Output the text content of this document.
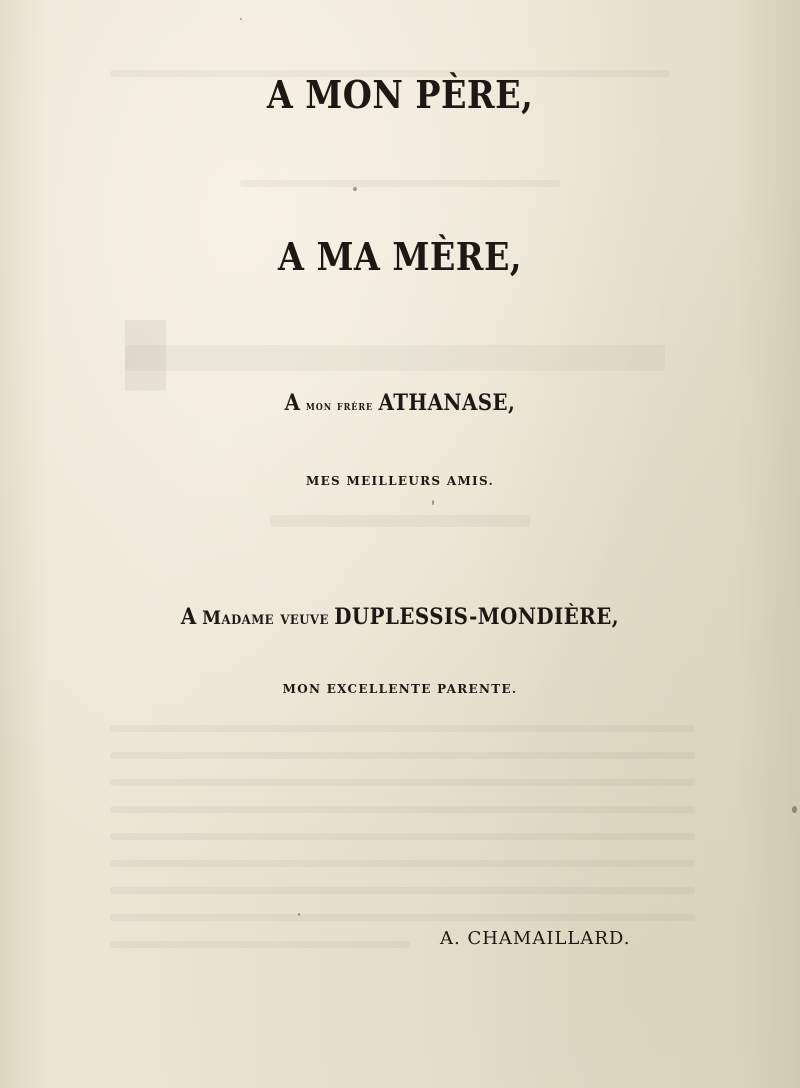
█
A MON PÈRE,
A MA MÈRE,
A mon frère ATHANASE,
MES MEILLEURS AMIS.
A Madame veuve DUPLESSIS-MONDIÈRE,
MON EXCELLENTE PARENTE.
A. CHAMAILLARD.
